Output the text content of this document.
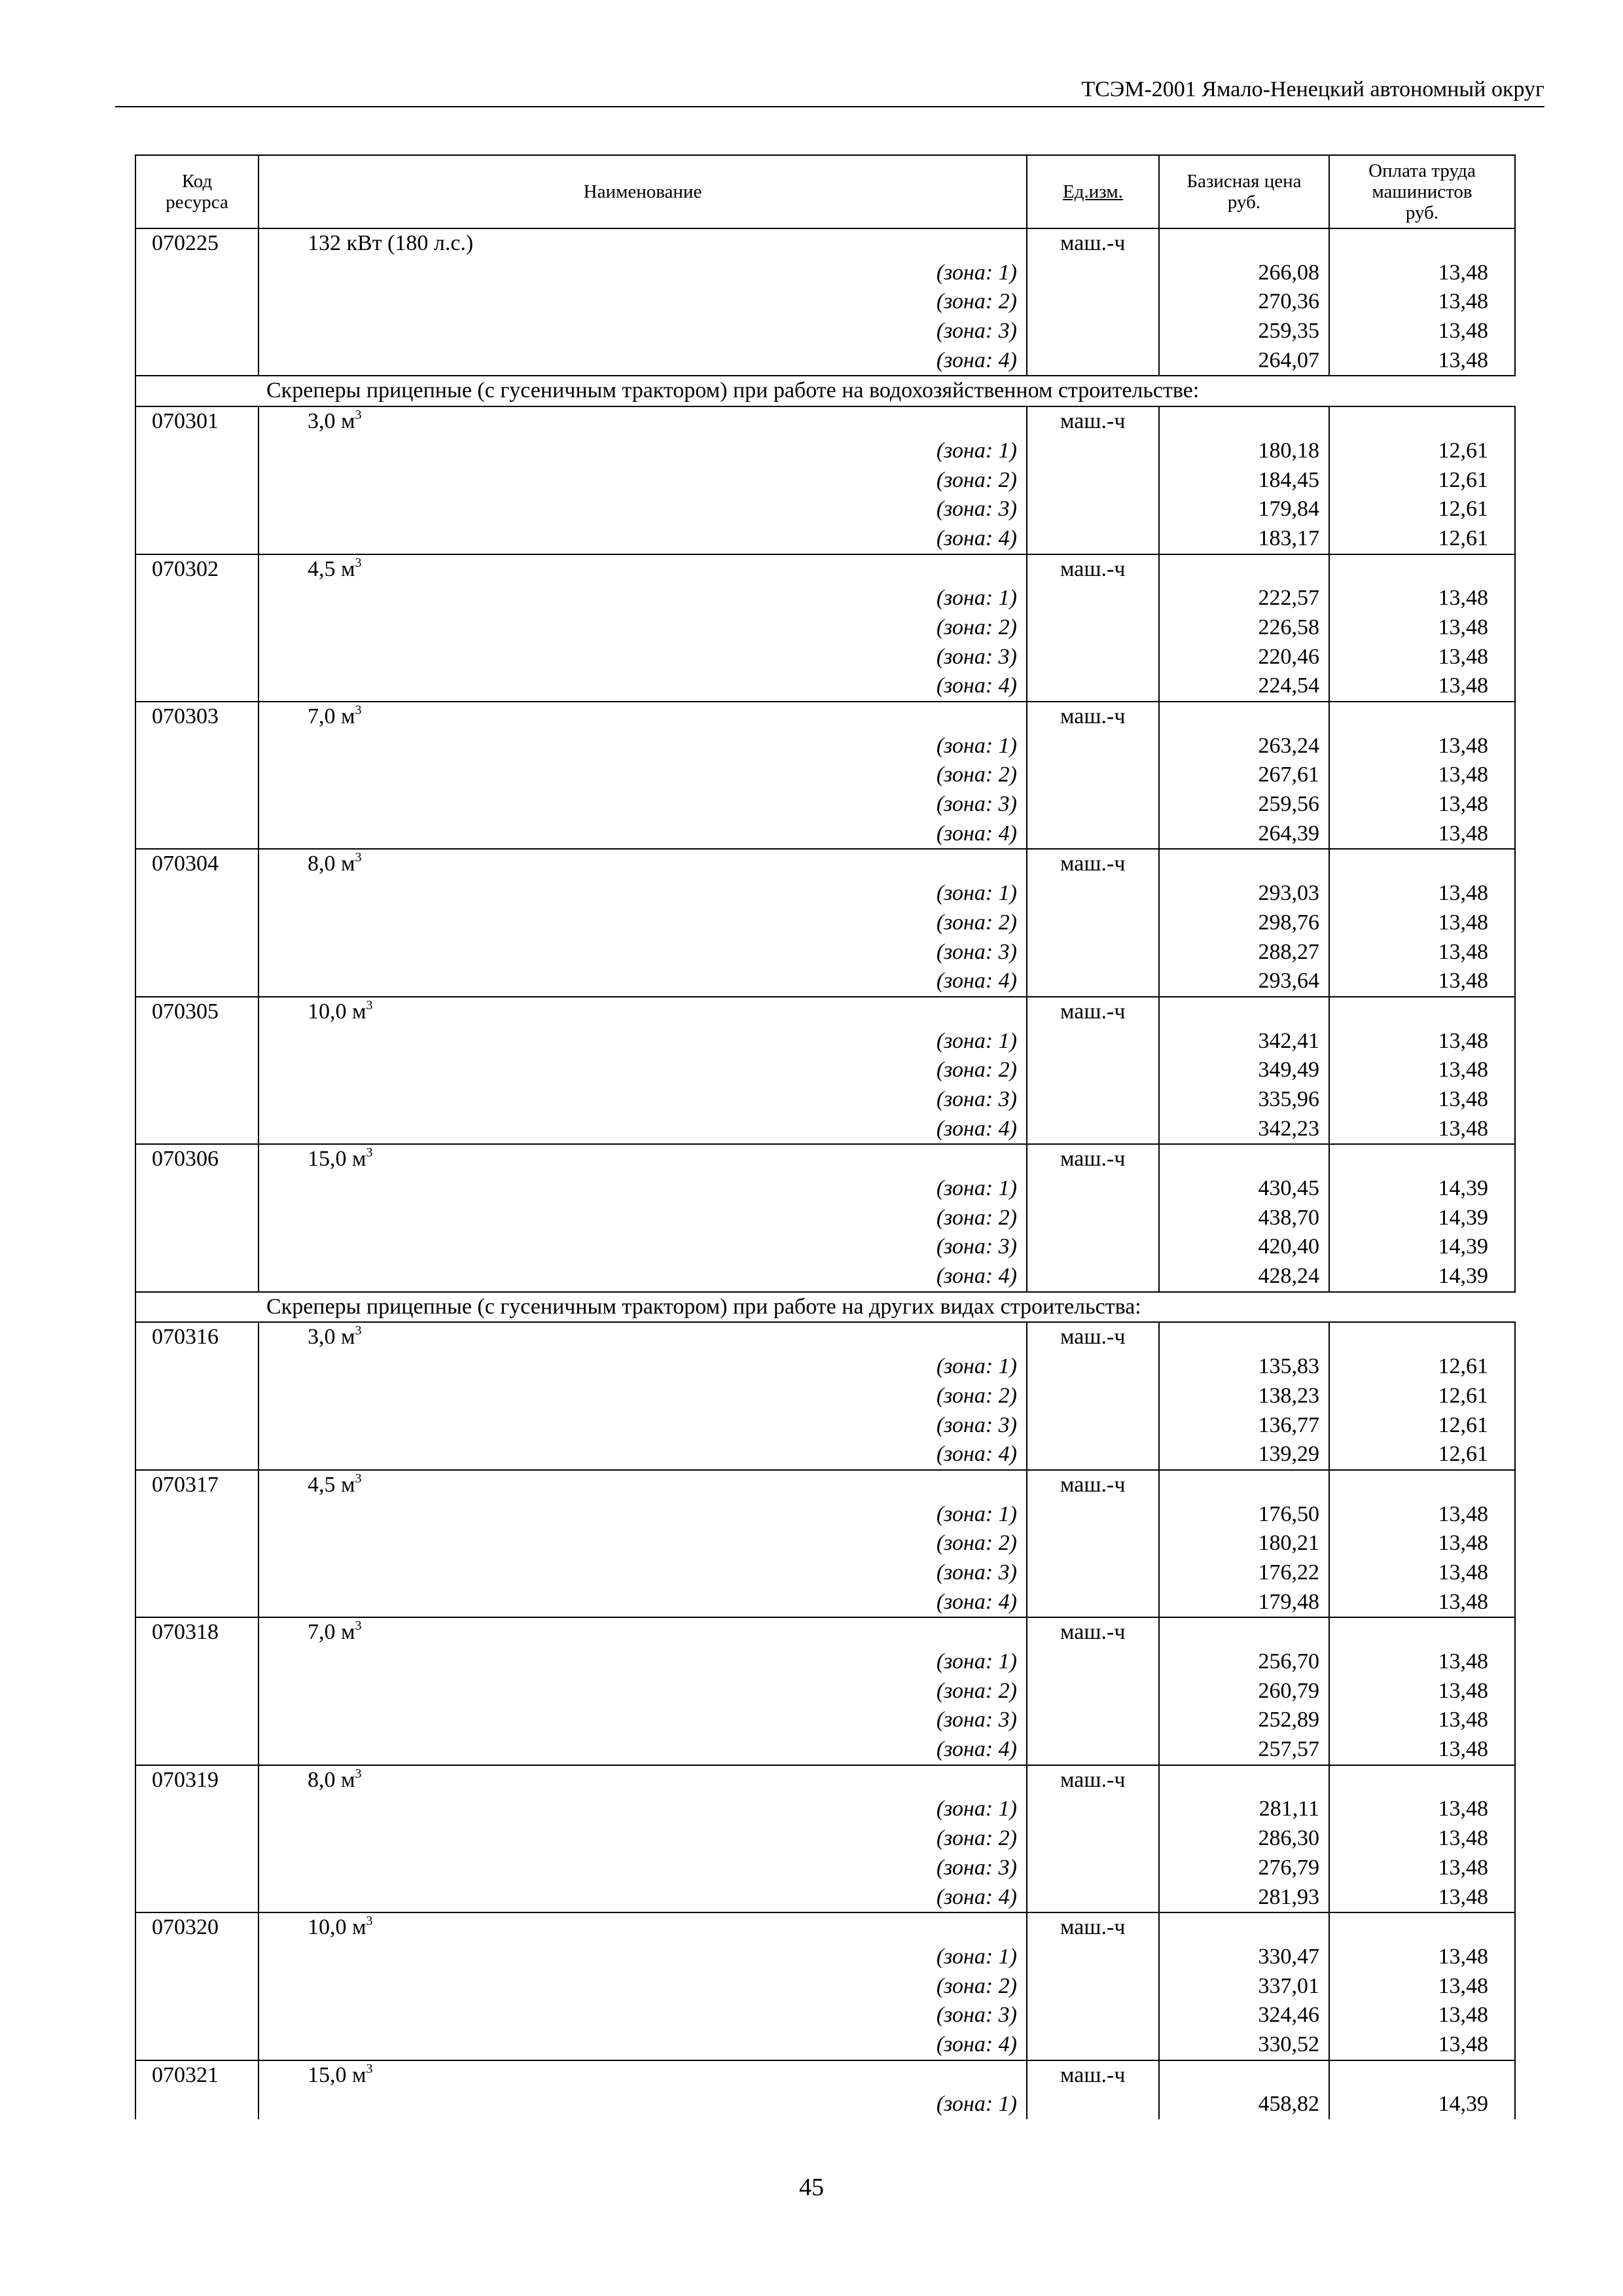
ТСЭМ-2001 Ямало-Ненецкий автономный округ
Код ресурса	Наименование	Ед.изм.	Базисная цена руб.	Оплата труда машинистов руб.

070225	132 кВт (180 л.с.)	маш.-ч		
	(зона: 1)		266,08	13,48
	(зона: 2)		270,36	13,48
	(зона: 3)		259,35	13,48
	(зона: 4)		264,07	13,48
	Скреперы прицепные (с гусеничным трактором) при работе на водохозяйственном строительстве:			
070301	3,0 $м^3$	маш.-ч		
	(зона: 1)		180,18	12,61
	(зона: 2)		184,45	12,61
	(зона: 3)		179,84	12,61
	(зона: 4)		183,17	12,61
070302	4,5 $м^3$	маш.-ч		
	(зона: 1)		222,57	13,48
	(зона: 2)		226,58	13,48
	(зона: 3)		220,46	13,48
	(зона: 4)		224,54	13,48
070303	7,0 $м^3$	маш.-ч		
	(зона: 1)		263,24	13,48
	(зона: 2)		267,61	13,48
	(зона: 3)		259,56	13,48
	(зона: 4)		264,39	13,48
070304	8,0 $м^3$	маш.-ч		
	(зона: 1)		293,03	13,48
	(зона: 2)		298,76	13,48
	(зона: 3)		288,27	13,48
	(зона: 4)		293,64	13,48
070305	10,0 $м^3$	маш.-ч		
	(зона: 1)		342,41	13,48
	(зона: 2)		349,49	13,48
	(зона: 3)		335,96	13,48
	(зона: 4)		342,23	13,48
070306	15,0 $м^3$	маш.-ч		
	(зона: 1)		430,45	14,39
	(зона: 2)		438,70	14,39
	(зона: 3)		420,40	14,39
	(зона: 4)		428,24	14,39
	Скреперы прицепные (с гусеничным трактором) при работе на других видах строительства:			
070316	3,0 $м^3$	маш.-ч		
	(зона: 1)		135,83	12,61
	(зона: 2)		138,23	12,61
	(зона: 3)		136,77	12,61
	(зона: 4)		139,29	12,61
070317	4,5 $м^3$	маш.-ч		
	(зона: 1)		176,50	13,48
	(зона: 2)		180,21	13,48
	(зона: 3)		176,22	13,48
	(зона: 4)		179,48	13,48
070318	7,0 $м^3$	маш.-ч		
	(зона: 1)		256,70	13,48
	(зона: 2)		260,79	13,48
	(зона: 3)		252,89	13,48
	(зона: 4)		257,57	13,48
070319	8,0 $м^3$	маш.-ч		
	(зона: 1)		281,11	13,48
	(зона: 2)		286,30	13,48
	(зона: 3)		276,79	13,48
	(зона: 4)		281,93	13,48
070320	10,0 $м^3$	маш.-ч		
	(зона: 1)		330,47	13,48
	(зона: 2)		337,01	13,48
	(зона: 3)		324,46	13,48
	(зона: 4)		330,52	13,48
070321	15,0 $м^3$	маш.-ч		
	(зона: 1)		458,82	14,39
45
